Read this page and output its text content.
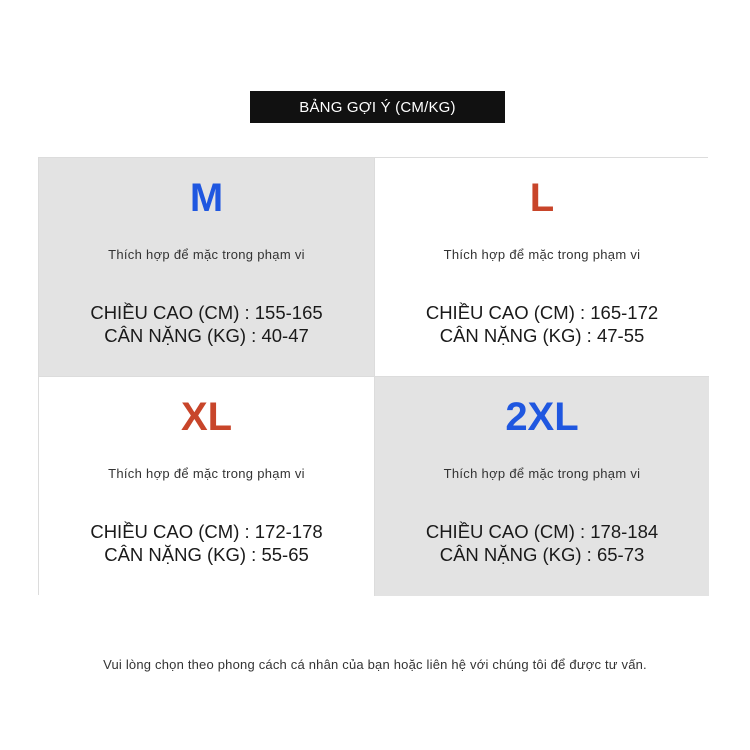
BẢNG GỢI Ý (CM/KG)
M
Thích hợp để mặc trong phạm vi
CHIỀU CAO (CM) : 155-165
CÂN NẶNG (KG) : 40-47
L
Thích hợp để mặc trong phạm vi
CHIỀU CAO (CM) : 165-172
CÂN NẶNG (KG) : 47-55
XL
Thích hợp để mặc trong phạm vi
CHIỀU CAO (CM) : 172-178
CÂN NẶNG (KG) : 55-65
2XL
Thích hợp để mặc trong phạm vi
CHIỀU CAO (CM) : 178-184
CÂN NẶNG (KG) : 65-73
Vui lòng chọn theo phong cách cá nhân của bạn hoặc liên hệ với chúng tôi để được tư vấn.
